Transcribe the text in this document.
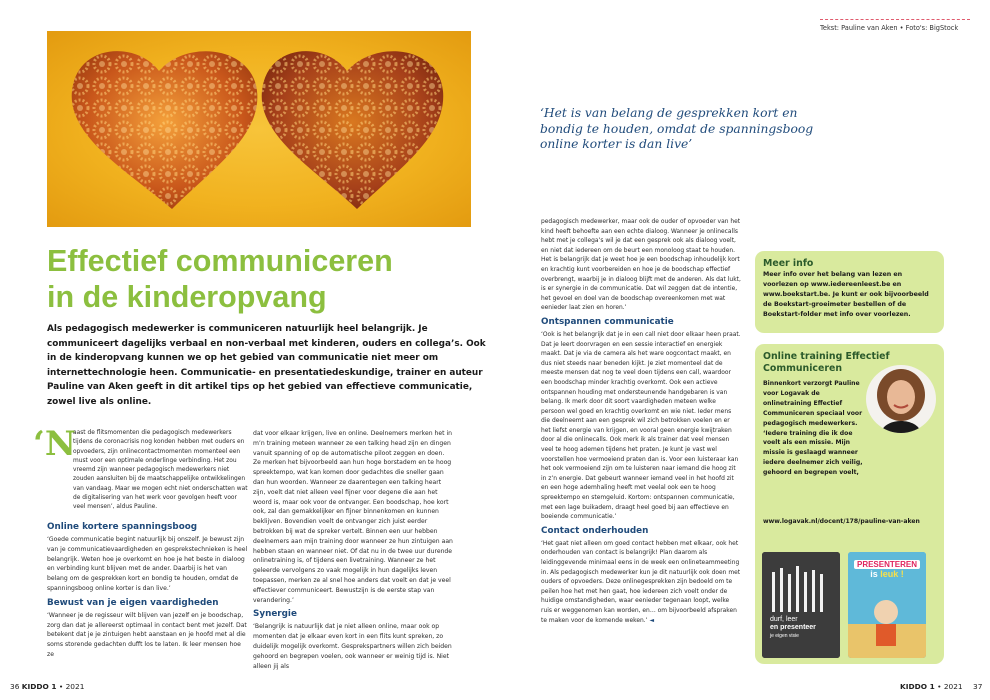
Tekst: Pauline van Aken • Foto's: BigStock
‘Het is van belang de gesprekken kort en bondig te houden, omdat de spanningsboog online korter is dan live’
Effectief communiceren
in de kinderopvang
Als pedagogisch medewerker is communiceren natuurlijk heel belangrijk. Je communiceert dagelijks verbaal en non-verbaal met kinderen, ouders en collega’s. Ook in de kinderopvang kunnen we op het gebied van communicatie niet meer om internettechnologie heen. Communicatie- en presentatiedeskundige, trainer en auteur Pauline van Aken geeft in dit artikel tips op het gebied van effectieve communicatie, zowel live als online.
‘N

aast de flitsmomenten die pedagogisch medewerkers tijdens de coronacrisis nog konden hebben met ouders en opvoeders, zijn onlinecontactmomenten momenteel een must voor een optimale onderlinge verbinding. Het zou vreemd zijn wanneer pedagogisch medewerkers niet zouden aansluiten bij de maatschappelijke ontwikkelingen van vandaag. Maar we mogen echt niet onderschatten wat de digitalisering van het werk voor gevolgen heeft voor veel mensen’, aldus Pauline.

Online kortere spanningsboog

‘Goede communicatie begint natuurlijk bij onszelf. Je bewust zijn van je communicatievaardigheden en gesprekstechnieken is heel belangrijk. Weten hoe je overkomt en hoe je het beste in dialoog en verbinding kunt blijven met de ander. Daarbij is het van belang om de gesprekken kort en bondig te houden, omdat de spanningsboog online korter is dan live.’

Bewust van je eigen vaardigheden

‘Wanneer je de regisseur wilt blijven van jezelf en je boodschap, zorg dan dat je allereerst optimaal in contact bent met jezelf. Dat betekent dat je je zintuigen hebt aanstaan en je hoofd met al die soms storende gedachten dufft los te laten. Ik leer mensen hoe ze

dat voor elkaar krijgen, live en online. Deelnemers merken het in m’n training meteen wanneer ze een talking head zijn en dingen vanuit spanning of op de automatische piloot zeggen en doen. Ze merken het bijvoorbeeld aan hun hoge borstadem en te hoog spreektempo, wat kan komen door gedachtes die sneller gaan dan hun woorden. Wanneer ze daarentegen een talking heart zijn, voelt dat niet alleen veel fijner voor degene die aan het woord is, maar ook voor de ontvanger. Een boodschap, hoe kort ook, zal dan gemakkelijker en fijner binnenkomen en kunnen beklijven. Bovendien voelt de ontvanger zich juist eerder betrokken bij wat de spreker vertelt. Binnen een uur hebben deelnemers aan mijn training door wanneer ze hun zintuigen aan hebben staan en wanneer niet. Of dat nu in de twee uur durende onlinetraining is, of tijdens een livetraining. Wanneer ze het geleerde vervolgens zo vaak mogelijk in hun dagelijks leven toepassen, merken ze al snel hoe anders dat voelt en dat je veel effectiever communiceert. Bewustzijn is de eerste stap van verandering.’

Synergie

‘Belangrijk is natuurlijk dat je niet alleen online, maar ook op momenten dat je elkaar even kort in een flits kunt spreken, zo duidelijk mogelijk overkomt. Gesprekspartners willen zich beiden gehoord en begrepen voelen, ook wanneer er weinig tijd is. Niet alleen jij als

pedagogisch medewerker, maar ook de ouder of opvoeder van het kind heeft behoefte aan een echte dialoog. Wanneer je onlinecalls hebt met je collega’s wil je dat een gesprek ook als dialoog voelt, en niet dat iedereen om de beurt een monoloog staat te houden. Het is belangrijk dat je weet hoe je een boodschap inhoudelijk kort en krachtig kunt voorbereiden en hoe je de boodschap effectief overbrengt, waarbij je in dialoog blijft met de anderen. Als dat lukt, is er synergie in de communicatie. Dat wil zeggen dat de intentie, het gevoel en doel van de boodschap overeenkomen met wat eenieder laat zien en horen.’

Ontspannen communicatie

‘Ook is het belangrijk dat je in een call niet door elkaar heen praat. Dat je leert doorvragen en een sessie interactief en energiek maakt. Dat je via de camera als het ware oogcontact maakt, en dus niet steeds naar beneden kijkt. Je ziet momenteel dat de meeste mensen dat nog te veel doen tijdens een call, waardoor een boodschap minder krachtig overkomt. Ook een actieve ontspannen houding met ondersteunende handgebaren is van belang. Ik merk door dit soort vaardigheden meteen welke persoon wel goed en krachtig overkomt en wie niet. Ieder mens die deelneemt aan een gesprek wil zich betrokken voelen en er het liefst energie van krijgen, en vooral geen energie kwijtraken door al die onlinecalls. Ook merk ik als trainer dat veel mensen veel te hoog ademen tijdens het praten. Je kunt je vast wel voorstellen hoe vermoeiend praten dan is. Voor een luisteraar kan het ook vermoeiend zijn om te luisteren naar iemand die hoog zit in z’n energie. Dat gebeurt wanneer iemand veel in het hoofd zit en een hoge ademhaling heeft met veelal ook een te hoog spreektempo en stemgeluid. Kortom: ontspannen communicatie, met een lage buikadem, draagt heel goed bij aan effectieve en boeiende communicatie.’

Contact onderhouden

‘Het gaat niet alleen om goed contact hebben met elkaar, ook het onderhouden van contact is belangrijk! Plan daarom als leidinggevende minimaal eens in de week een onlineteammeeting in. Als pedagogisch medewerker kun je dit natuurlijk ook doen met ouders of opvoeders. Deze onlinegesprekken zijn bedoeld om te peilen hoe het met hen gaat, hoe iedereen zich voelt onder de huidige omstandigheden, waar eenieder tegenaan loopt, welke ruis er weggenomen kan worden, en… om bijvoorbeeld afspraken te maken voor de komende weken.’ ◄

Meer info

Meer info over het belang van lezen en voorlezen op www.iedereenleest.be en www.boekstart.be. Je kunt er ook bijvoorbeeld de Boekstart-groeimeter bestellen of de Boekstart-folder met info over voorlezen.

Online training Effectief
Communiceren

Binnenkort verzorgt Pauline voor Logavak de onlinetraining Effectief Communiceren speciaal voor pedagogisch medewerkers. ‘Iedere training die ik doe voelt als een missie. Mijn missie is geslaagd wanneer iedere deelnemer zich veilig, gehoord en begrepen voelt,

www.logavak.nl/docent/178/pauline-van-aken

durf, leer
en presenteer
je eigen visie
PRESENTEREN
is leuk !
36 KIDDO 1 • 2021	KIDDO 1 • 2021 37
